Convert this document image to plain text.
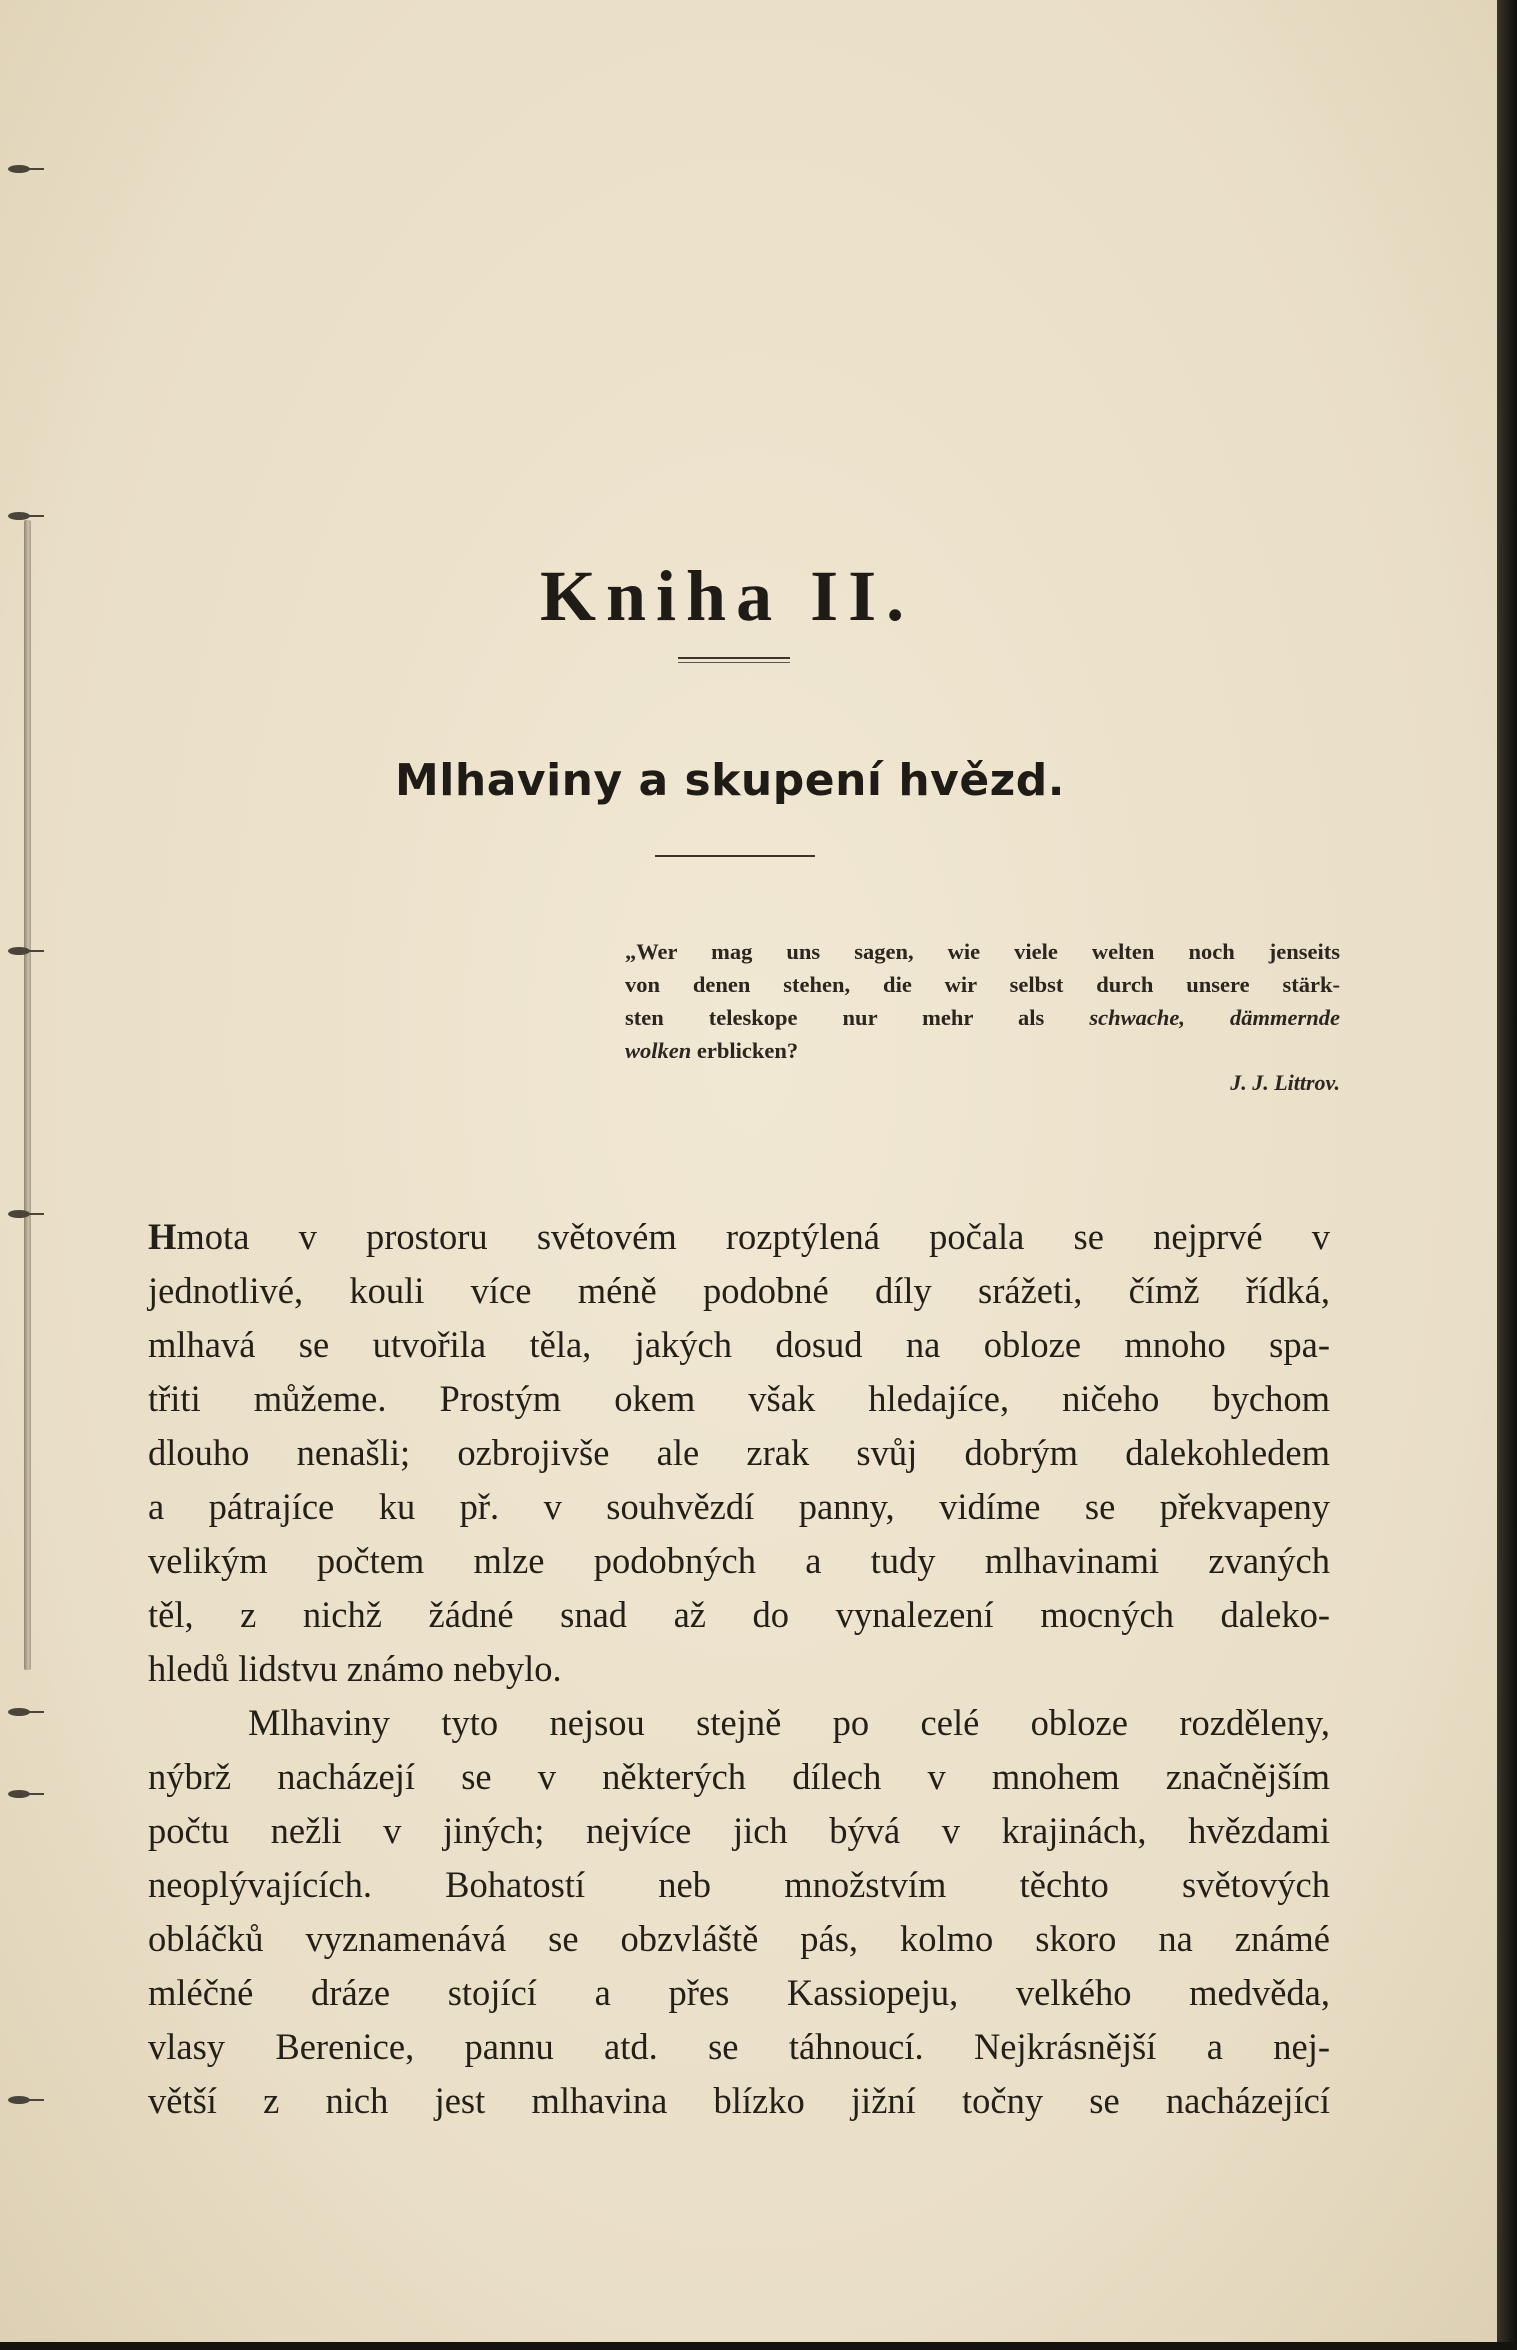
Kniha II.
Mlhaviny a skupení hvězd.
„Wer mag uns sagen, wie viele welten noch jenseits
von denen stehen, die wir selbst durch unsere stärk-
sten teleskope nur mehr als schwache, dämmernde
wolken erblicken?
J. J. Littrov.
Hmota v prostoru světovém rozptýlená počala se nejprvé v
jednotlivé, kouli více méně podobné díly srážeti, čímž řídká,
mlhavá se utvořila těla, jakých dosud na obloze mnoho spa-
třiti můžeme. Prostým okem však hledajíce, ničeho bychom
dlouho nenašli; ozbrojivše ale zrak svůj dobrým dalekohledem
a pátrajíce ku př. v souhvězdí panny, vidíme se překvapeny
velikým počtem mlze podobných a tudy mlhavinami zvaných
těl, z nichž žádné snad až do vynalezení mocných daleko-
hledů lidstvu známo nebylo.
Mlhaviny tyto nejsou stejně po celé obloze rozděleny,
nýbrž nacházejí se v některých dílech v mnohem značnějším
počtu nežli v jiných; nejvíce jich bývá v krajinách, hvězdami
neoplývajících. Bohatostí neb množstvím těchto světových
obláčků vyznamenává se obzvláště pás, kolmo skoro na známé
mléčné dráze stojící a přes Kassiopeju, velkého medvěda,
vlasy Berenice, pannu atd. se táhnoucí. Nejkrásnější a nej-
větší z nich jest mlhavina blízko jižní točny se nacházející
